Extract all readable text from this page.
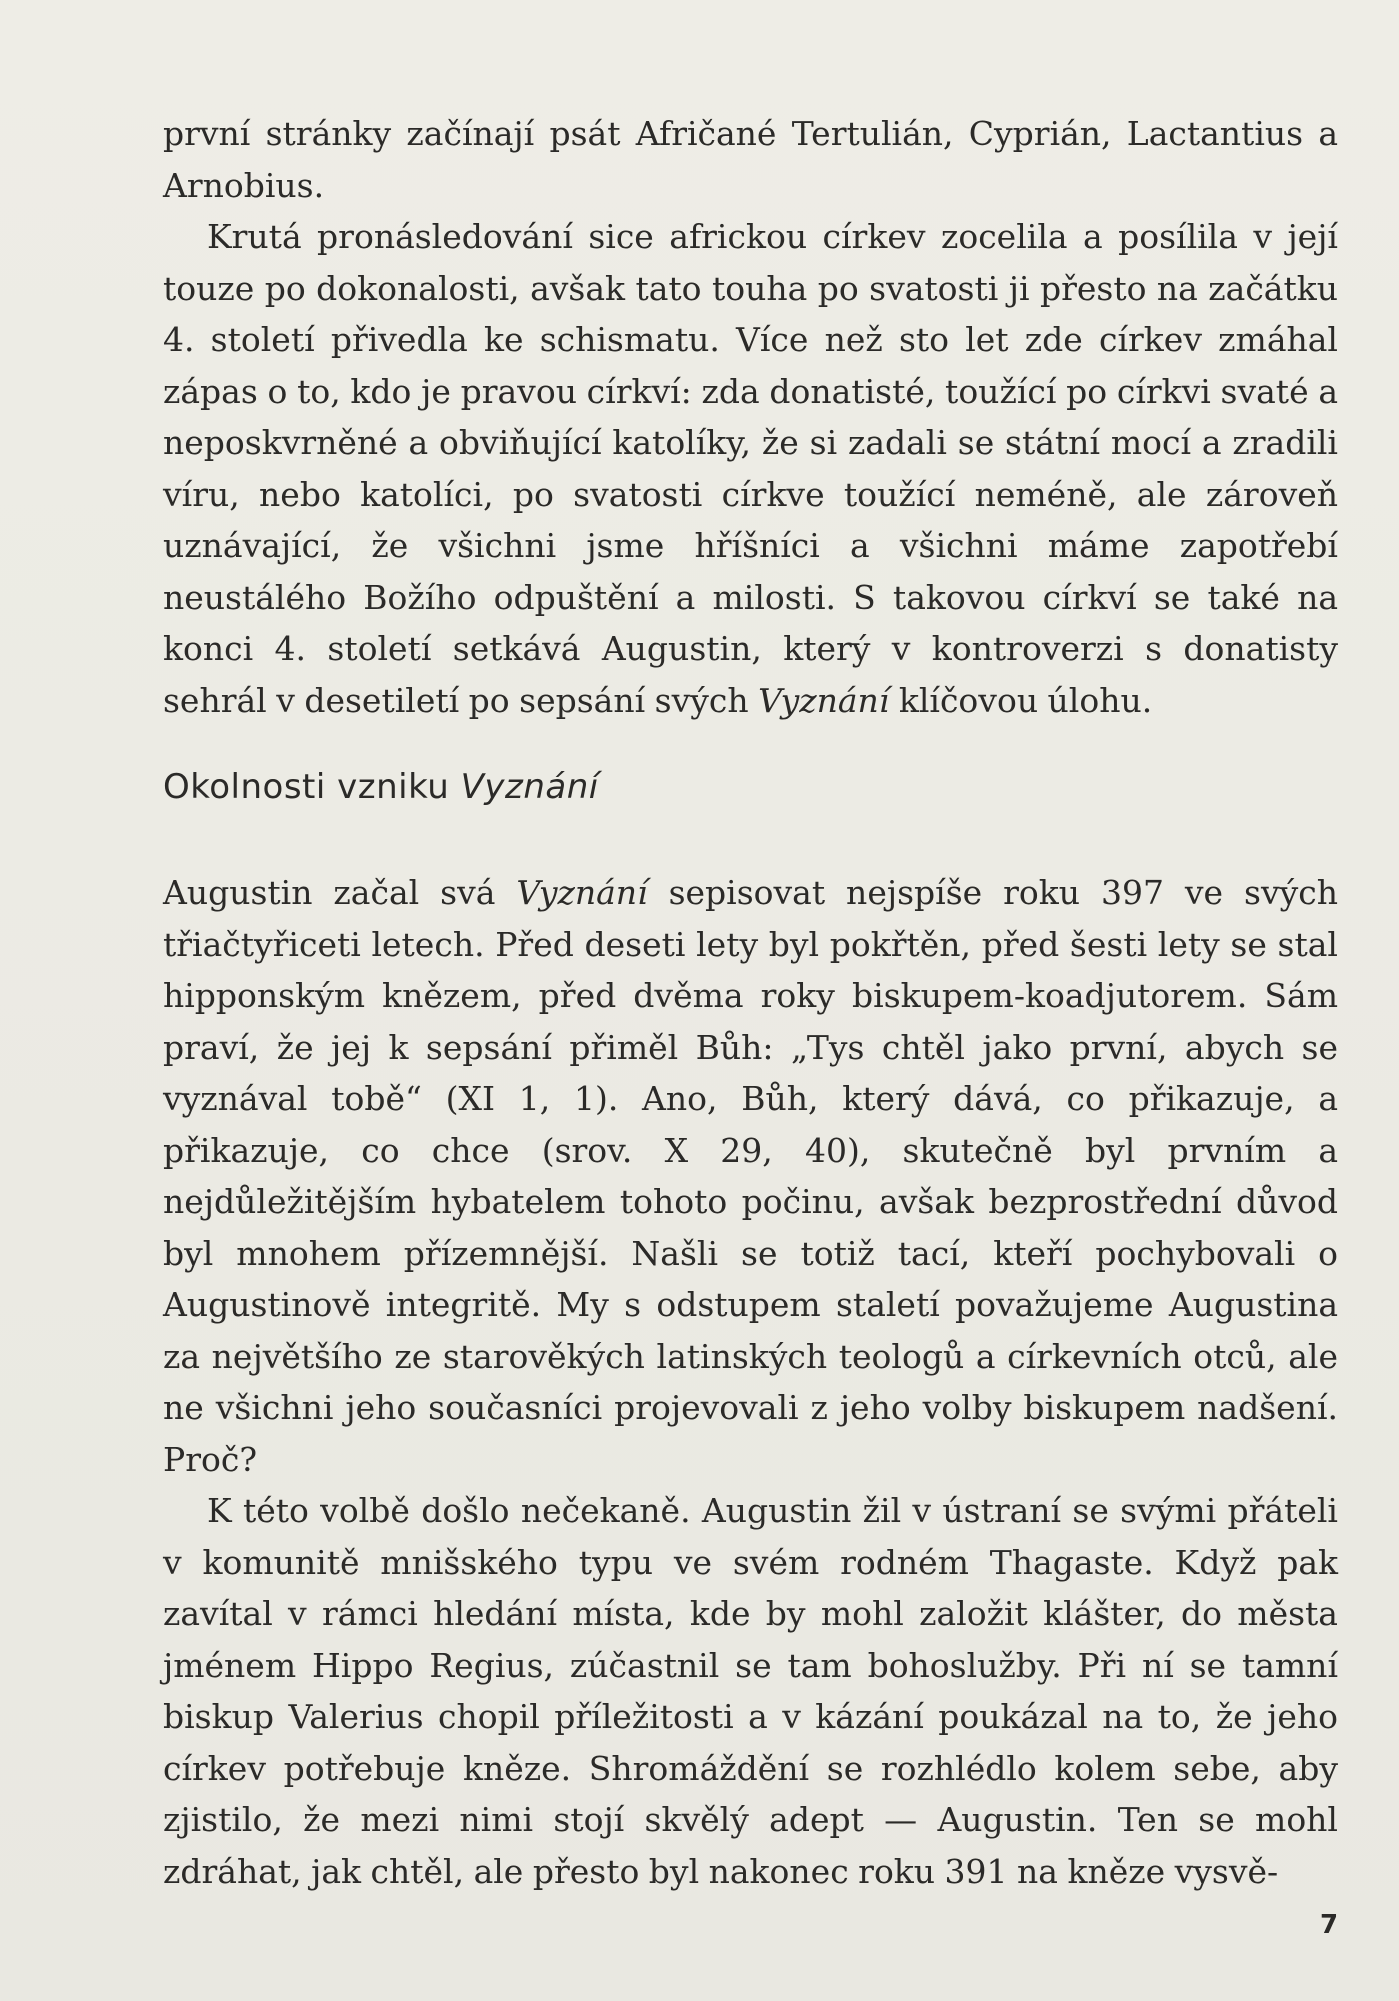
první stránky začínají psát Afričané Tertulián, Cyprián, Lactantius a Arnobius.

Krutá pronásledování sice africkou církev zocelila a posílila v její touze po dokonalosti, avšak tato touha po svatosti ji přesto na začátku 4. století přivedla ke schismatu. Více než sto let zde církev zmáhal zápas o to, kdo je pravou církví: zda donatisté, toužící po církvi svaté a neposkvrněné a obviňující katolíky, že si zadali se státní mocí a zradili víru, nebo katolíci, po svatosti církve toužící neméně, ale zároveň uznávající, že všichni jsme hříšníci a všichni máme zapotřebí neustálého Božího odpuštění a milosti. S takovou církví se také na konci 4. století setkává Augustin, který v kontroverzi s donatisty sehrál v desetiletí po sepsání svých Vyznání klíčovou úlohu.

Okolnosti vzniku Vyznání

Augustin začal svá Vyznání sepisovat nejspíše roku 397 ve svých třiačtyřiceti letech. Před deseti lety byl pokřtěn, před šesti lety se stal hipponským knězem, před dvěma roky biskupem-koadjutorem. Sám praví, že jej k sepsání přiměl Bůh: „Tys chtěl jako první, abych se vyznával tobě“ (XI 1, 1). Ano, Bůh, který dává, co přikazuje, a přikazuje, co chce (srov. X 29, 40), skutečně byl prvním a nejdůležitějším hybatelem tohoto počinu, avšak bezprostřední důvod byl mnohem přízemnější. Našli se totiž tací, kteří pochybovali o Augustinově integritě. My s odstupem staletí považujeme Augustina za největšího ze starověkých latinských teologů a církevních otců, ale ne všichni jeho současníci projevovali z jeho volby biskupem nadšení. Proč?

K této volbě došlo nečekaně. Augustin žil v ústraní se svými přáteli v komunitě mnišského typu ve svém rodném Thagaste. Když pak zavítal v rámci hledání místa, kde by mohl založit klášter, do města jménem Hippo Regius, zúčastnil se tam bohoslužby. Při ní se tamní biskup Valerius chopil příležitosti a v kázání poukázal na to, že jeho církev potřebuje kněze. Shromáždění se rozhlédlo kolem sebe, aby zjistilo, že mezi nimi stojí skvělý adept — Augustin. Ten se mohl zdráhat, jak chtěl, ale přesto byl nakonec roku 391 na kněze vysvě-

7
